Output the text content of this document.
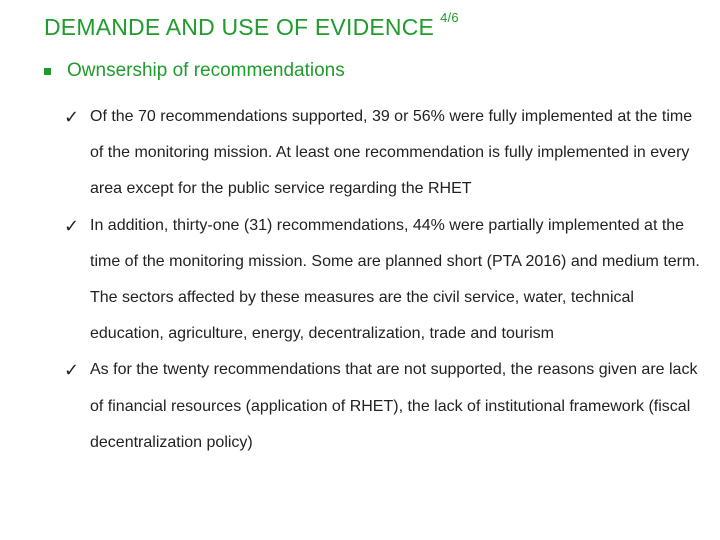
DEMANDE AND USE OF EVIDENCE $^{4/6}$
Ownsership of recommendations
✓ Of the 70 recommendations supported, 39 or 56% were fully implemented at the time of the monitoring mission. At least one recommendation is fully implemented in every area except for the public service regarding the RHET
✓ In addition, thirty-one (31) recommendations, 44% were partially implemented at the time of the monitoring mission. Some are planned short (PTA 2016) and medium term. The sectors affected by these measures are the civil service, water, technical education, agriculture, energy, decentralization, trade and tourism
✓ As for the twenty recommendations that are not supported, the reasons given are lack of financial resources (application of RHET), the lack of institutional framework (fiscal decentralization policy)
